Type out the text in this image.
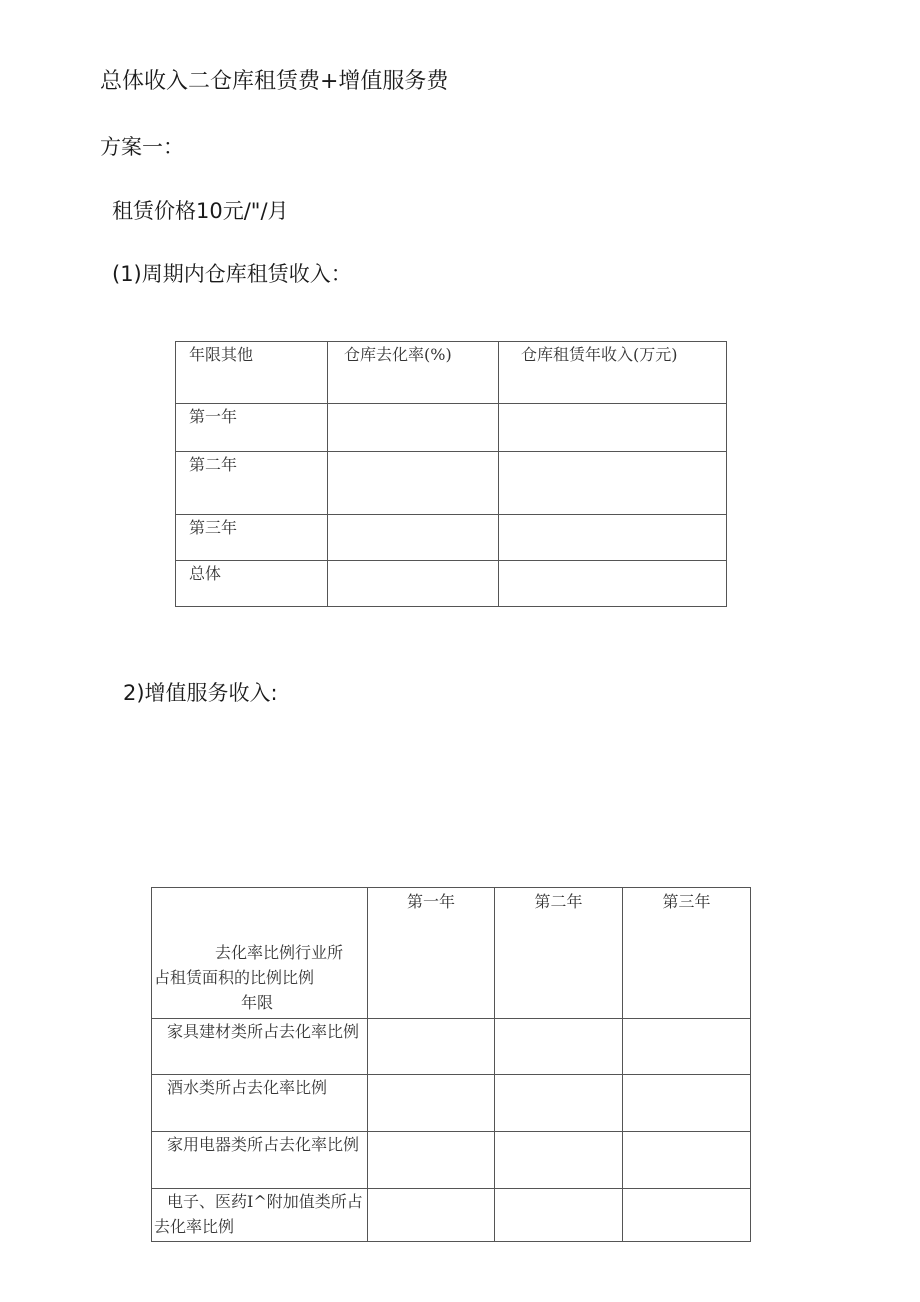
总体收入二仓库租赁费+增值服务费
方案一：
租赁价格10元/"/月
(1)周期内仓库租赁收入：
年限其他	仓库去化率(%)	仓库租赁年收入(万元)
第一年		
第二年		
第三年		
总体		
2)增值服务收入:
去化率比例行业所
占租赁面积的比例比例
年限	第一年	第二年	第三年
家具建材类所占去化率比例			
酒水类所占去化率比例			
家用电器类所占去化率比例			
电子、医药I^附加值类所占去化率比例			
